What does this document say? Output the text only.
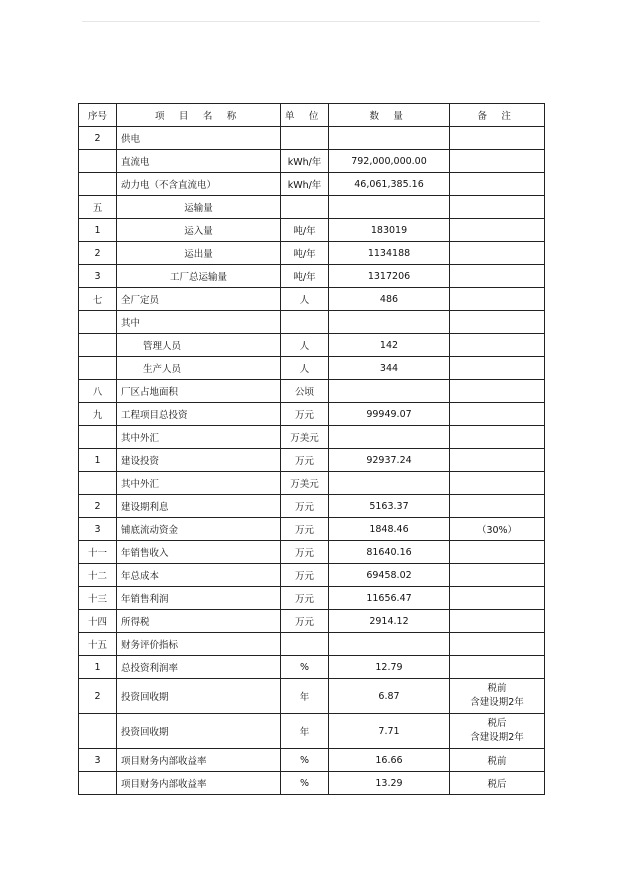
序号	项 目 名 称	单 位	数 量	备 注
2	供电			
	直流电	kWh/年	792,000,000.00	
	动力电（不含直流电）	kWh/年	46,061,385.16	
五	运输量			
1	运入量	吨/年	183019	
2	运出量	吨/年	1134188	
3	工厂总运输量	吨/年	1317206	
七	全厂定员	人	486	
	其中			
	管理人员	人	142	
	生产人员	人	344	
八	厂区占地面积	公顷		
九	工程项目总投资	万元	99949.07	
	其中外汇	万美元		
1	建设投资	万元	92937.24	
	其中外汇	万美元		
2	建设期利息	万元	5163.37	
3	铺底流动资金	万元	1848.46	（30%）
十一	年销售收入	万元	81640.16	
十二	年总成本	万元	69458.02	
十三	年销售利润	万元	11656.47	
十四	所得税	万元	2914.12	
十五	财务评价指标			
1	总投资利润率	%	12.79	
2	投资回收期	年	6.87	税前
含建设期2年

	投资回收期	年	7.71	税后
含建设期2年

3	项目财务内部收益率	%	16.66	税前
	项目财务内部收益率	%	13.29	税后
